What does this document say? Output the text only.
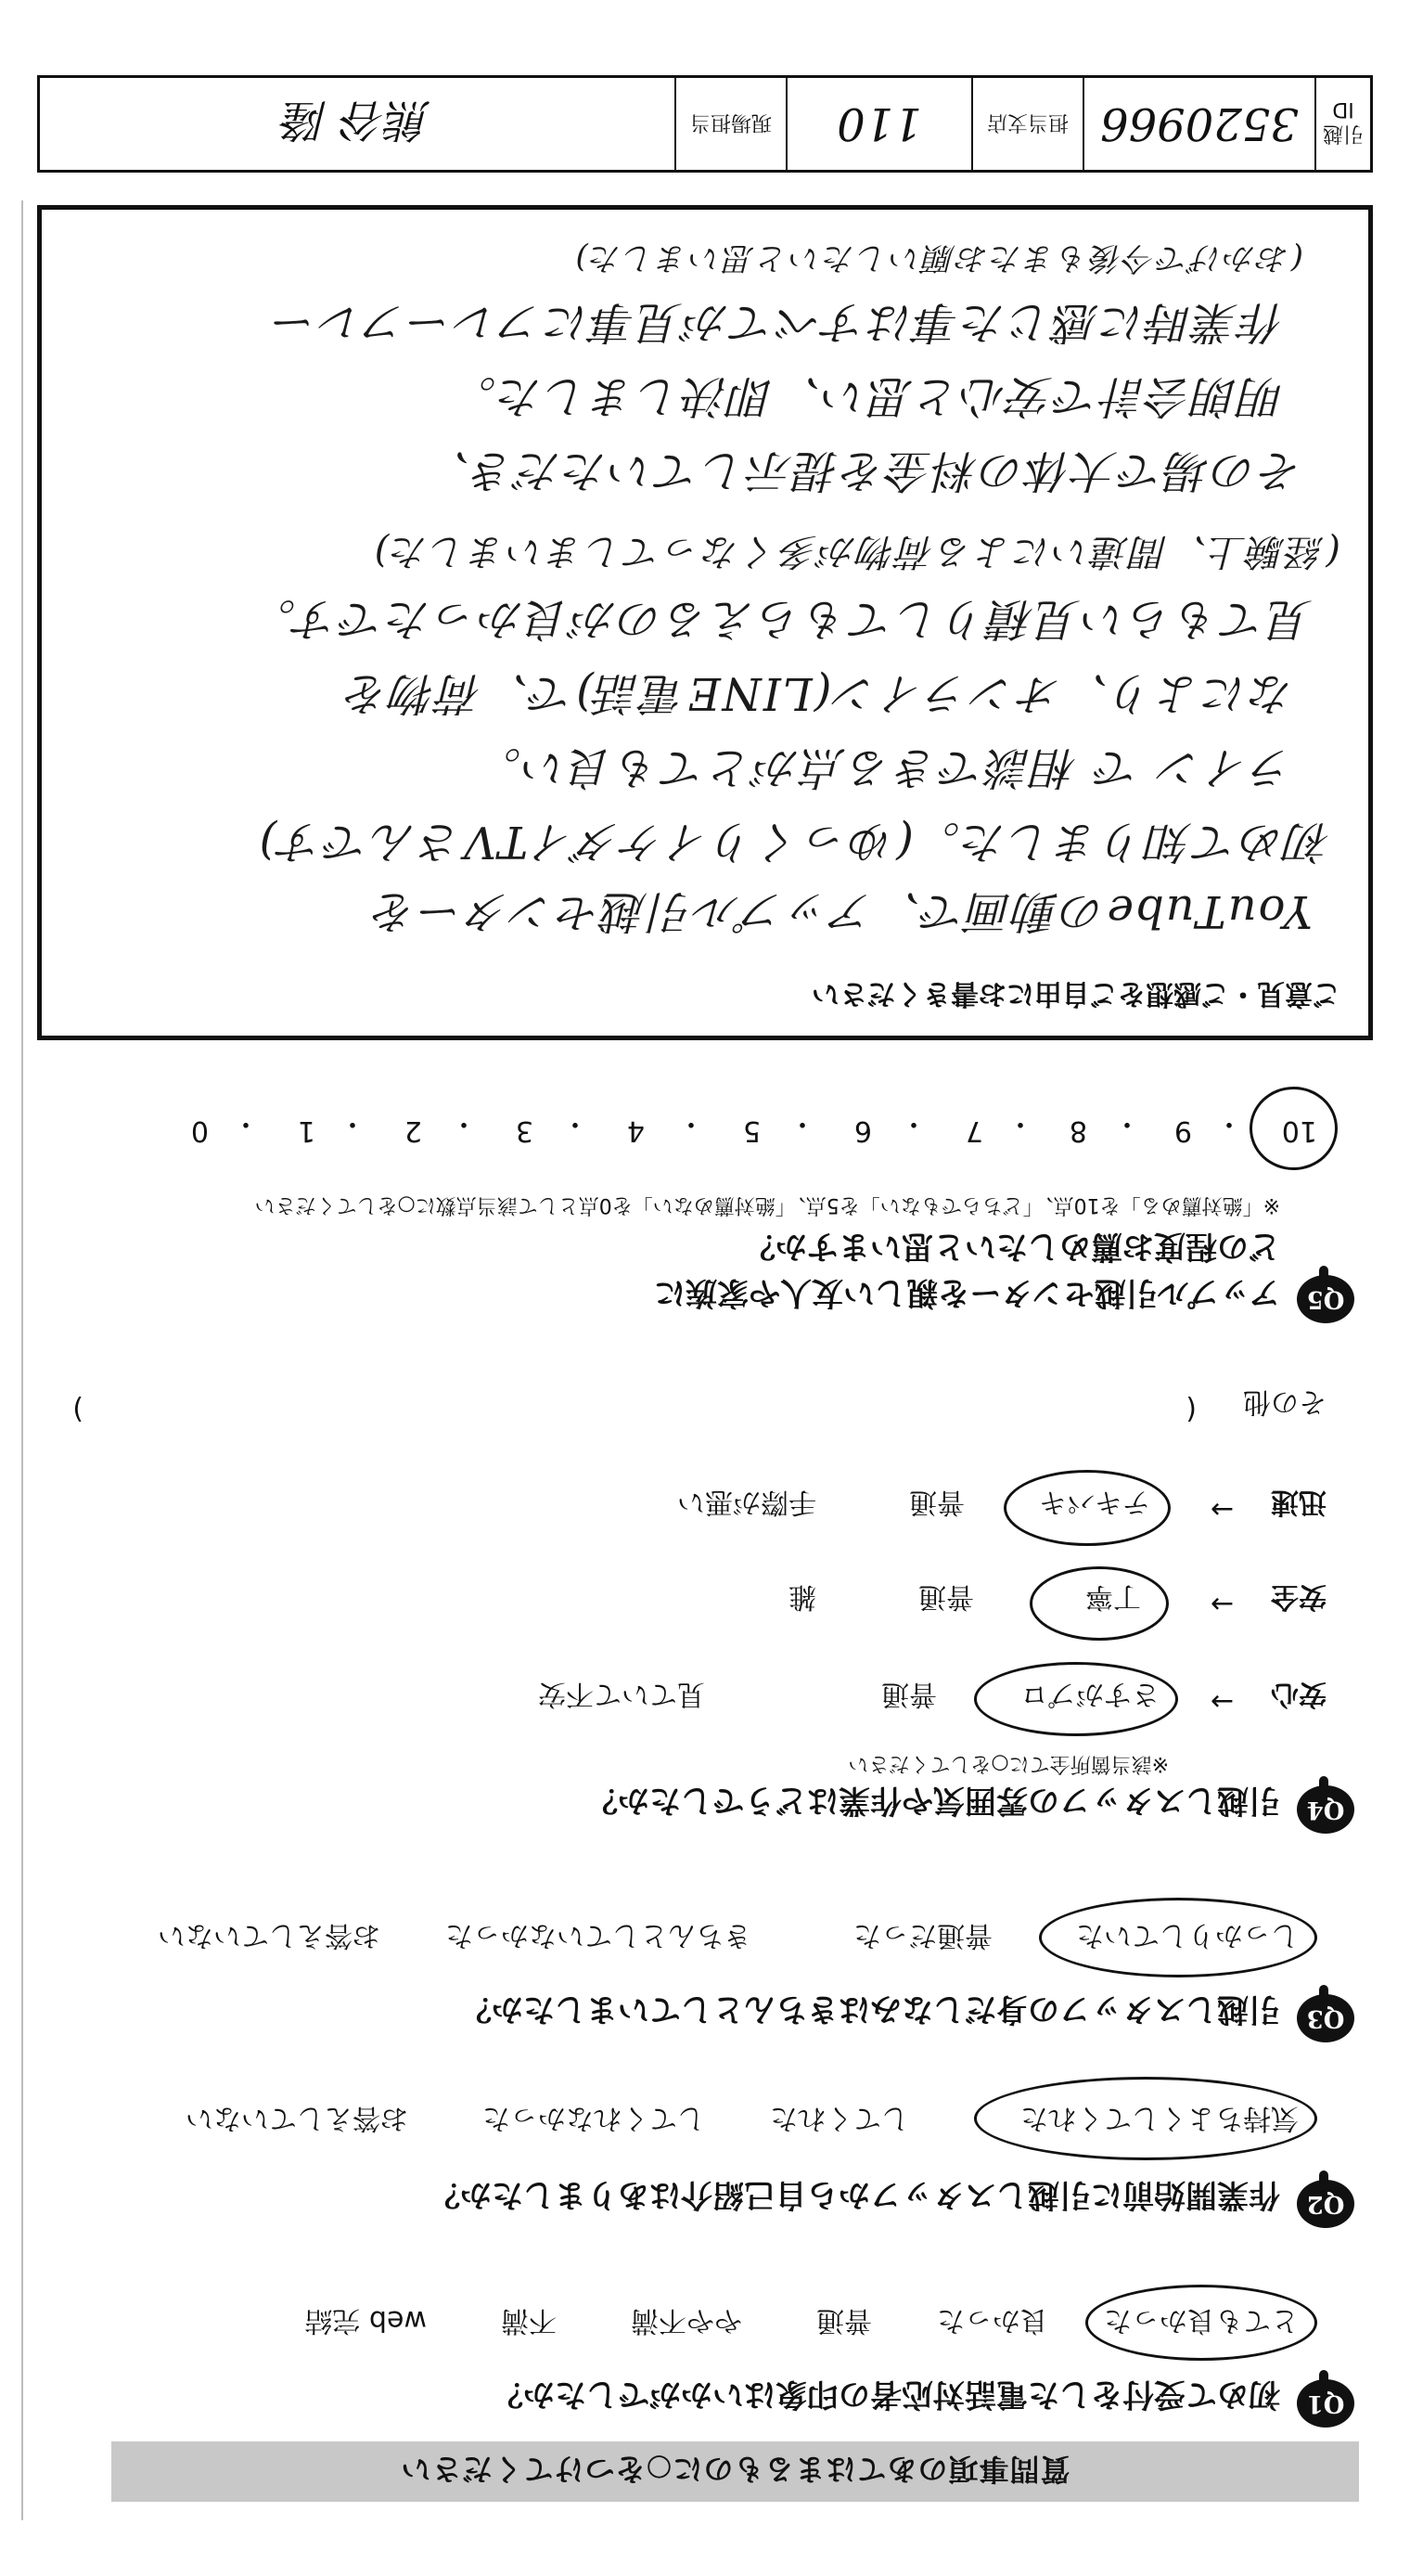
質問事項のあてはまるものに○をつけてください
Q1
初めて受付をした電話対応者の印象はいかがでしたか？
とても良かった
良かった
普通
やや不満
不満
web 完結
Q2
作業開始前に引越しスタッフから自己紹介はありましたか？
気持ちよくしてくれた
してくれた
してくれなかった
お答えしていない
Q3
引越しスタッフの身だしなみはきちんとしていましたか？
しっかりしていた
普通だった
きちんとしていなかった
お答えしていない
Q4
引越しスタッフの雰囲気や作業はどうでしたか？
※該当箇所全てに○をしてください
安心
→
さすがプロ
普通
見ていて不安
安全
→
丁寧
普通
雑
迅速
→
テキパキ
普通
手際が悪い
その他
(
)
Q5
アップル引越センターを親しい友人や家族に
どの程度お薦めしたいと思いますか？
※「絶対薦める」を10点、「どちらでもない」を5点、「絶対薦めない」を0点として該当点数に○をしてください
10
・
9
・
8
・
7
・
6
・
5
・
4
・
3
・
2
・
1
・
0
ご意見・ご感想をご自由にお書きください
YouTubeの動画で、アップル引越センターを
初めて知りました。(ゆっくりイケダイTVさんです)
ライン で 相談できる点がとても良い。
なにより、オンライン(LINE電話)で、荷物を
見てもらい見積りしてもらえるのが良かったです。
(経験上、間違いによる荷物が多くなってしまいました)
その場で大体の料金を提示していただき、
明朗会計で安心と思い、即決しました。
作業時に感じた事はすべてが見事にフレーフレー
(おかげで今後もまたお願いしたいと思いました)
引越ID
3520966
担当支店
110
現場担当
熊谷 隆
